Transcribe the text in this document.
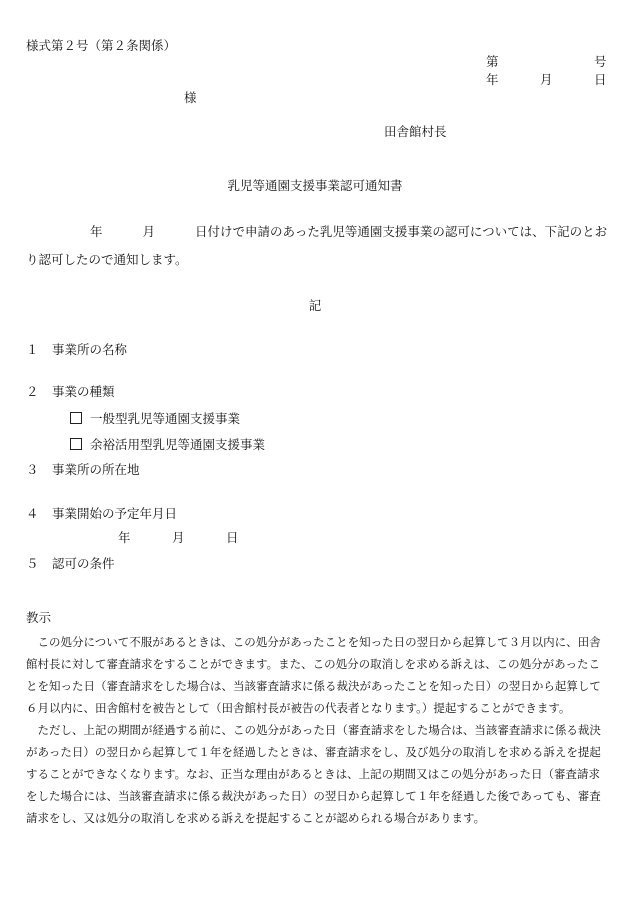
様式第２号（第２条関係）
第	号
年	月	日
様
田舎館村長
乳児等通園支援事業認可通知書
年	月	日付けで申請のあった乳児等通園支援事業の認可については、下記のとおり認可したので通知します。
記
１ 事業所の名称
２ 事業の種類
一般型乳児等通園支援事業
余裕活用型乳児等通園支援事業
３ 事業所の所在地
４ 事業開始の予定年月日
年	月	日
５ 認可の条件
教示

この処分について不服があるときは、この処分があったことを知った日の翌日から起算して３月以内に、田舎館村長に対して審査請求をすることができます。また、この処分の取消しを求める訴えは、この処分があったことを知った日（審査請求をした場合は、当該審査請求に係る裁決があったことを知った日）の翌日から起算して６月以内に、田舎館村を被告として（田舎館村長が被告の代表者となります。）提起することができます。

ただし、上記の期間が経過する前に、この処分があった日（審査請求をした場合は、当該審査請求に係る裁決があった日）の翌日から起算して１年を経過したときは、審査請求をし、及び処分の取消しを求める訴えを提起することができなくなります。なお、正当な理由があるときは、上記の期間又はこの処分があった日（審査請求をした場合には、当該審査請求に係る裁決があった日）の翌日から起算して１年を経過した後であっても、審査請求をし、又は処分の取消しを求める訴えを提起することが認められる場合があります。
